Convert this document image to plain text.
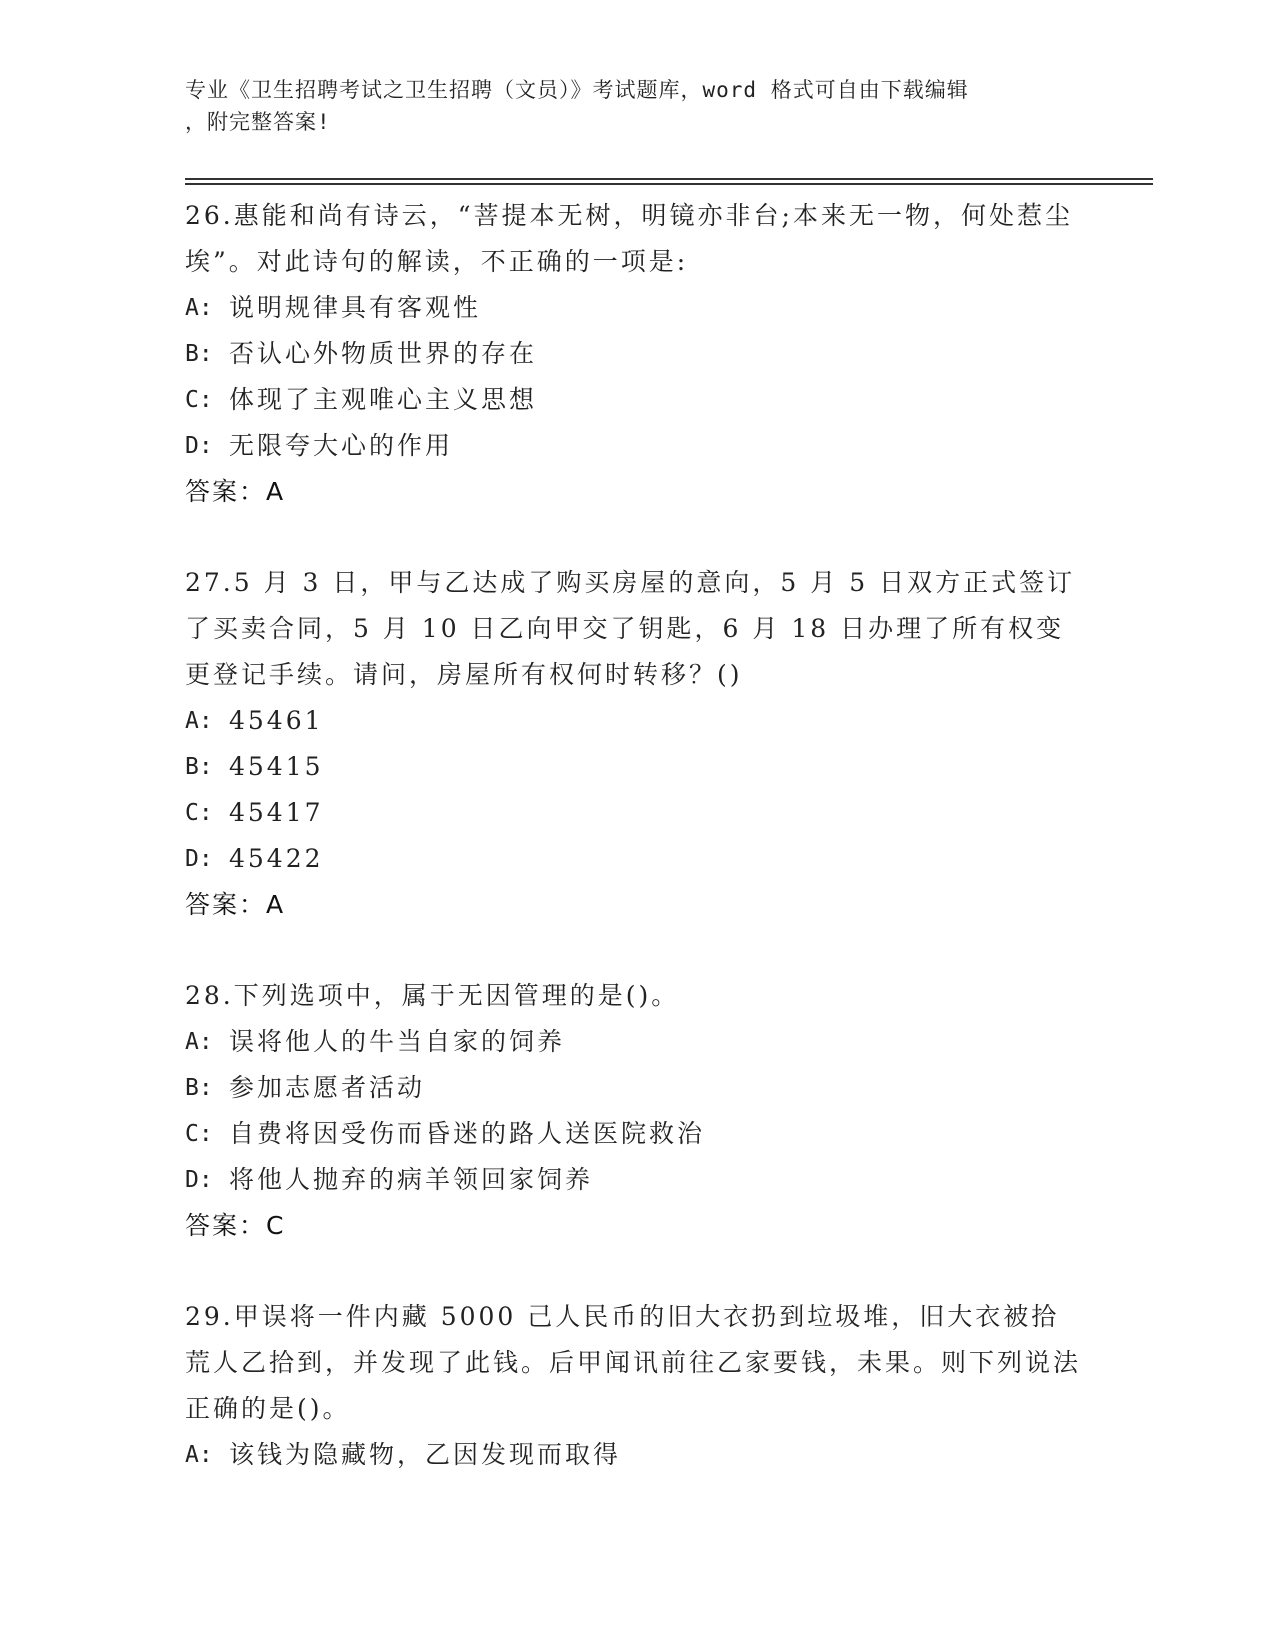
专业《卫生招聘考试之卫生招聘（文员）》考试题库，word 格式可自由下载编辑
，附完整答案!

26.惠能和尚有诗云，“菩提本无树，明镜亦非台;本来无一物，何处惹尘埃”。对此诗句的解读，不正确的一项是:

A: 说明规律具有客观性
B: 否认心外物质世界的存在
C: 体现了主观唯心主义思想
D: 无限夸大心的作用
答案：A

27.5 月 3 日，甲与乙达成了购买房屋的意向，5 月 5 日双方正式签订了买卖合同，5 月 10 日乙向甲交了钥匙，6 月 18 日办理了所有权变更登记手续。请问，房屋所有权何时转移？()

A: 45461
B: 45415
C: 45417
D: 45422
答案：A

28.下列选项中，属于无因管理的是()。

A: 误将他人的牛当自家的饲养
B: 参加志愿者活动
C: 自费将因受伤而昏迷的路人送医院救治
D: 将他人抛弃的病羊领回家饲养
答案：C

29.甲误将一件内藏 5000 己人民币的旧大衣扔到垃圾堆，旧大衣被拾荒人乙拾到，并发现了此钱。后甲闻讯前往乙家要钱，未果。则下列说法正确的是()。

A: 该钱为隐藏物，乙因发现而取得
